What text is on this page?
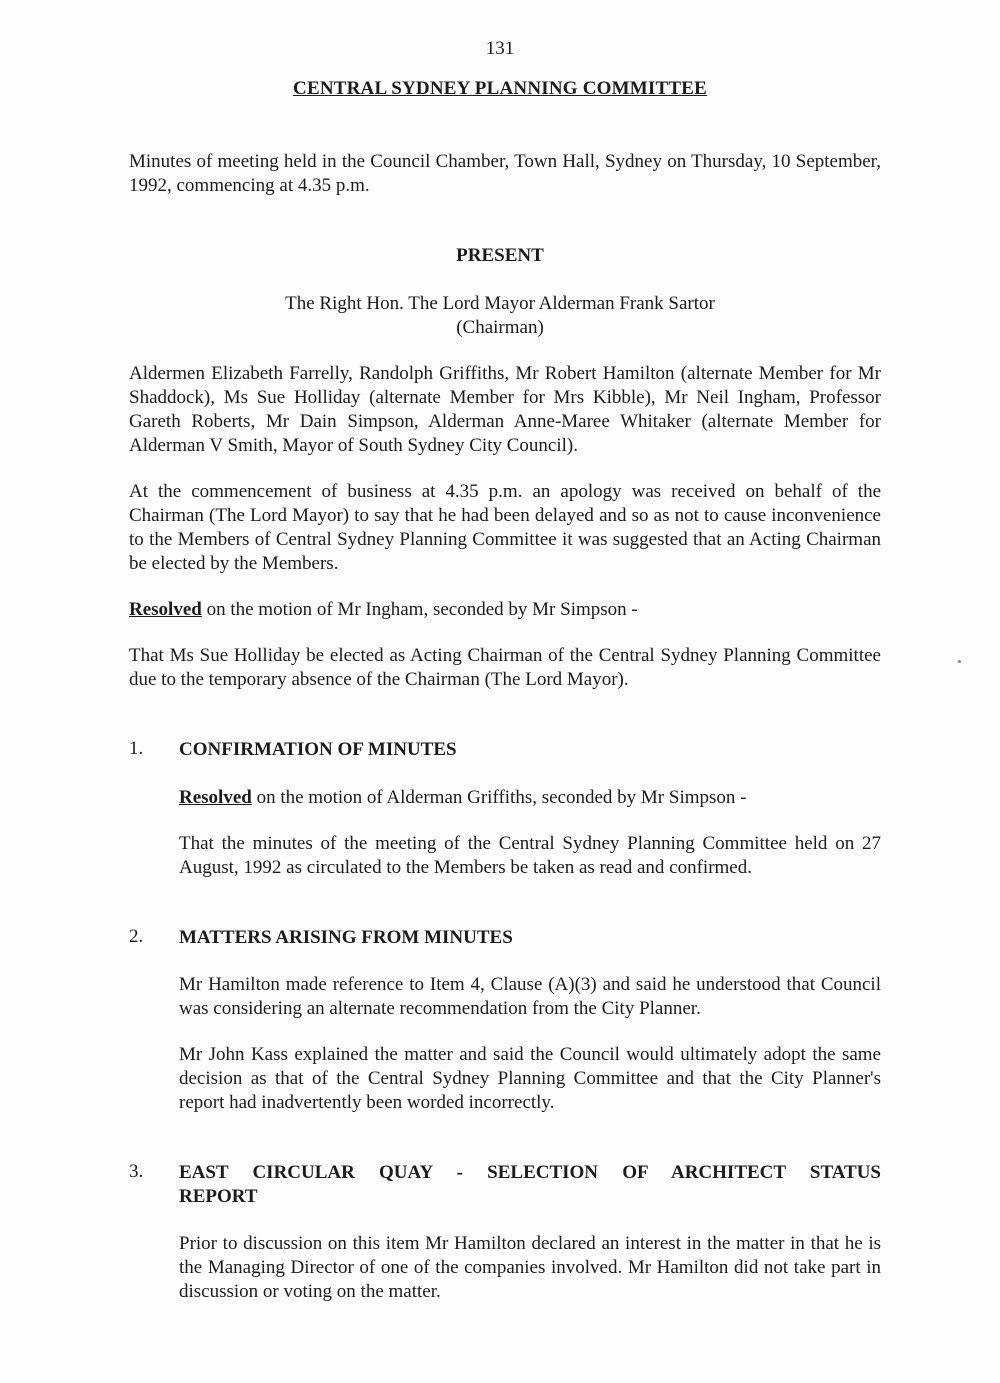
131
CENTRAL SYDNEY PLANNING COMMITTEE

Minutes of meeting held in the Council Chamber, Town Hall, Sydney on Thursday, 10 September, 1992, commencing at 4.35 p.m.

PRESENT
The Right Hon. The Lord Mayor Alderman Frank Sartor
(Chairman)

Aldermen Elizabeth Farrelly, Randolph Griffiths, Mr Robert Hamilton (alternate Member for Mr Shaddock), Ms Sue Holliday (alternate Member for Mrs Kibble), Mr Neil Ingham, Professor Gareth Roberts, Mr Dain Simpson, Alderman Anne-Maree Whitaker (alternate Member for Alderman V Smith, Mayor of South Sydney City Council).

At the commencement of business at 4.35 p.m. an apology was received on behalf of the Chairman (The Lord Mayor) to say that he had been delayed and so as not to cause inconvenience to the Members of Central Sydney Planning Committee it was suggested that an Acting Chairman be elected by the Members.

Resolved on the motion of Mr Ingham, seconded by Mr Simpson -

That Ms Sue Holliday be elected as Acting Chairman of the Central Sydney Planning Committee due to the temporary absence of the Chairman (The Lord Mayor).

1. CONFIRMATION OF MINUTES

Resolved on the motion of Alderman Griffiths, seconded by Mr Simpson -

That the minutes of the meeting of the Central Sydney Planning Committee held on 27 August, 1992 as circulated to the Members be taken as read and confirmed.

2. MATTERS ARISING FROM MINUTES

Mr Hamilton made reference to Item 4, Clause (A)(3) and said he understood that Council was considering an alternate recommendation from the City Planner.

Mr John Kass explained the matter and said the Council would ultimately adopt the same decision as that of the Central Sydney Planning Committee and that the City Planner's report had inadvertently been worded incorrectly.

3. EAST CIRCULAR QUAY - SELECTION OF ARCHITECT STATUS
REPORT

Prior to discussion on this item Mr Hamilton declared an interest in the matter in that he is the Managing Director of one of the companies involved. Mr Hamilton did not take part in discussion or voting on the matter.
